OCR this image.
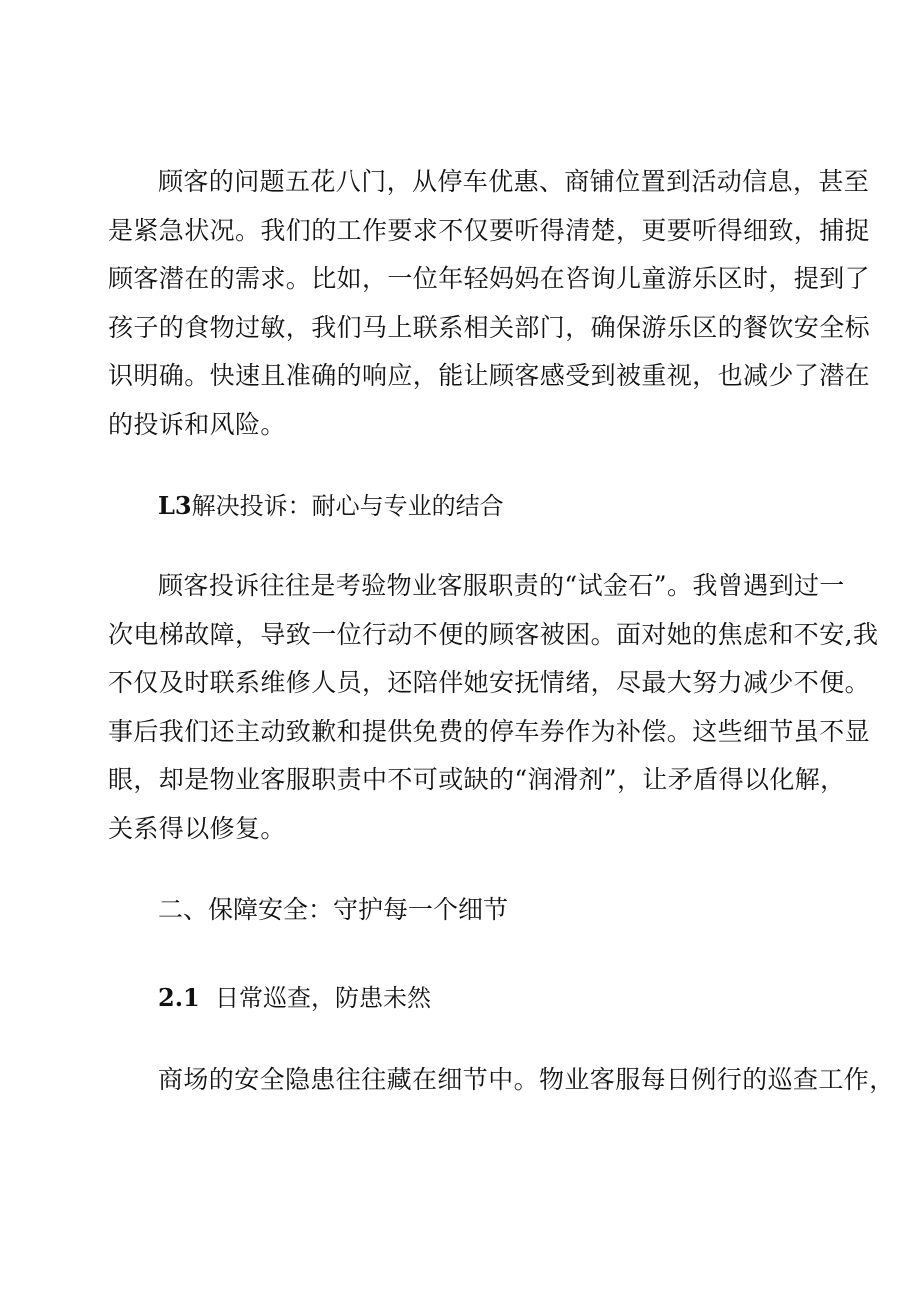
顾客的问题五花八门，从停车优惠、商铺位置到活动信息，甚至
是紧急状况。我们的工作要求不仅要听得清楚，更要听得细致，捕捉
顾客潜在的需求。比如，一位年轻妈妈在咨询儿童游乐区时，提到了
孩子的食物过敏，我们马上联系相关部门，确保游乐区的餐饮安全标
识明确。快速且准确的响应，能让顾客感受到被重视，也减少了潜在
的投诉和风险。

L3解决投诉：耐心与专业的结合

顾客投诉往往是考验物业客服职责的“试金石”。我曾遇到过一
次电梯故障，导致一位行动不便的顾客被困。面对她的焦虑和不安,我
不仅及时联系维修人员，还陪伴她安抚情绪，尽最大努力减少不便。
事后我们还主动致歉和提供免费的停车券作为补偿。这些细节虽不显
眼，却是物业客服职责中不可或缺的“润滑剂”，让矛盾得以化解，
关系得以修复。

二、保障安全：守护每一个细节
2.1 日常巡查，防患未然

商场的安全隐患往往藏在细节中。物业客服每日例行的巡查工作，
